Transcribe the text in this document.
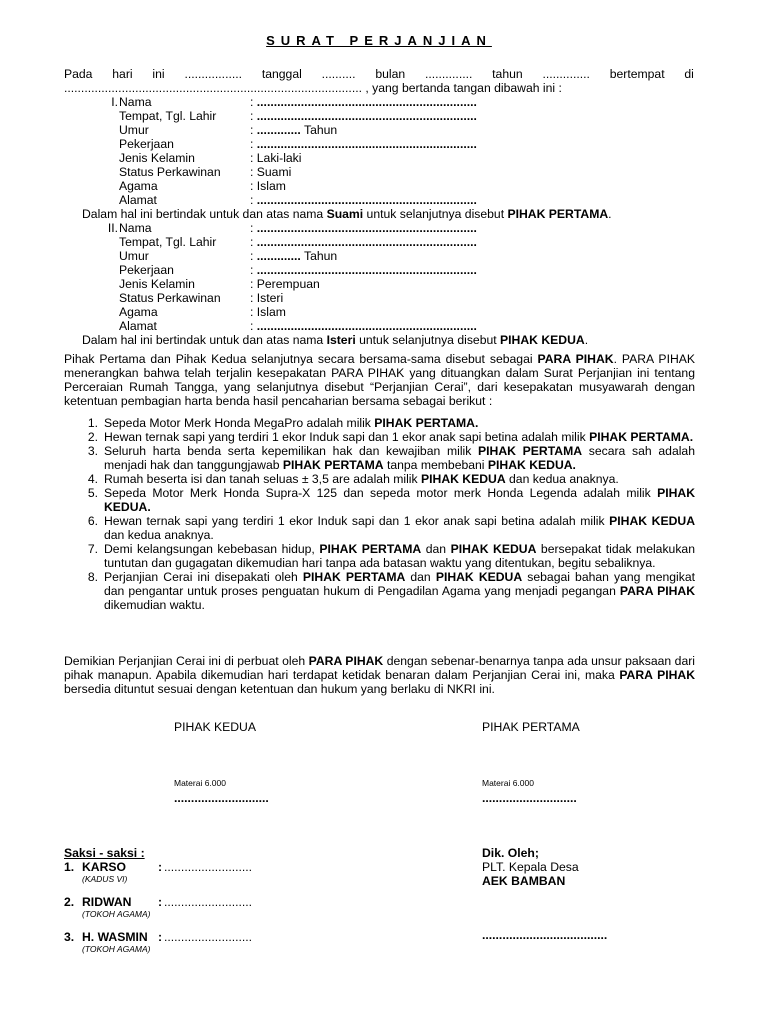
SURAT PERJANJIAN
Pada hari ini ................. tanggal .......... bulan .............. tahun .............. bertempat di
........................................................................................ , yang bertanda tangan dibawah ini :
I. Nama	: .................................................................
Tempat, Tgl. Lahir	: .................................................................
Umur	: ............. Tahun
Pekerjaan	: .................................................................
Jenis Kelamin	: Laki-laki
Status Perkawinan : Suami
Agama	: Islam
Alamat	: .................................................................
Dalam hal ini bertindak untuk dan atas nama Suami untuk selanjutnya disebut PIHAK PERTAMA.
II. Nama	: .................................................................
Tempat, Tgl. Lahir	: .................................................................
Umur	: ............. Tahun
Pekerjaan	: .................................................................
Jenis Kelamin	: Perempuan
Status Perkawinan : Isteri
Agama	: Islam
Alamat	: .................................................................
Dalam hal ini bertindak untuk dan atas nama Isteri untuk selanjutnya disebut PIHAK KEDUA.

Pihak Pertama dan Pihak Kedua selanjutnya secara bersama-sama disebut sebagai PARA PIHAK. PARA PIHAK menerangkan bahwa telah terjalin kesepakatan PARA PIHAK yang dituangkan dalam Surat Perjanjian ini tentang Perceraian Rumah Tangga, yang selanjutnya disebut “Perjanjian Cerai”, dari kesepakatan musyawarah dengan ketentuan pembagian harta benda hasil pencaharian bersama sebagai berikut :

1. Sepeda Motor Merk Honda MegaPro adalah milik PIHAK PERTAMA.
2. Hewan ternak sapi yang terdiri 1 ekor Induk sapi dan 1 ekor anak sapi betina adalah milik PIHAK PERTAMA.
3. Seluruh harta benda serta kepemilikan hak dan kewajiban milik PIHAK PERTAMA secara sah adalah menjadi hak dan tanggungjawab PIHAK PERTAMA tanpa membebani PIHAK KEDUA.
4. Rumah beserta isi dan tanah seluas ± 3,5 are adalah milik PIHAK KEDUA dan kedua anaknya.
5. Sepeda Motor Merk Honda Supra-X 125 dan sepeda motor merk Honda Legenda adalah milik PIHAK KEDUA.
6. Hewan ternak sapi yang terdiri 1 ekor Induk sapi dan 1 ekor anak sapi betina adalah milik PIHAK KEDUA dan kedua anaknya.
7. Demi kelangsungan kebebasan hidup, PIHAK PERTAMA dan PIHAK KEDUA bersepakat tidak melakukan tuntutan dan gugagatan dikemudian hari tanpa ada batasan waktu yang ditentukan, begitu sebaliknya.
8. Perjanjian Cerai ini disepakati oleh PIHAK PERTAMA dan PIHAK KEDUA sebagai bahan yang mengikat dan pengantar untuk proses penguatan hukum di Pengadilan Agama yang menjadi pegangan PARA PIHAK dikemudian waktu.

Demikian Perjanjian Cerai ini di perbuat oleh PARA PIHAK dengan sebenar-benarnya tanpa ada unsur paksaan dari pihak manapun. Apabila dikemudian hari terdapat ketidak benaran dalam Perjanjian Cerai ini, maka PARA PIHAK bersedia dituntut sesuai dengan ketentuan dan hukum yang berlaku di NKRI ini.

PIHAK KEDUA
Materai 6.000
............................
PIHAK PERTAMA
Materai 6.000
............................
Saksi - saksi :
1. KARSO	: ..........................
(KADUS VI)
2. RIDWAN : ..........................
(TOKOH AGAMA)
3. H. WASMIN : ..........................
(TOKOH AGAMA)
Dik. Oleh;
PLT. Kepala Desa
AEK BAMBAN
.....................................
